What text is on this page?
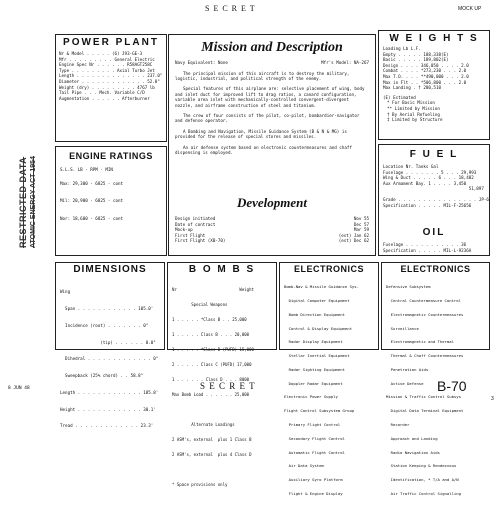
S E C R E T	MOCK UP
POWER PLANT
Nr & Model . . . . . (6) J93-GE-3
Mfr . . . . . . . . . General Electric
Engine Spec Nr . . . . . . R58AGT258C
Type . . . . . . . . . Axial Turbo Jet
Length . . . . . . . . . . . . . . 237.0"
Diameter . . . . . . . . . . . . . 52.8"
Weight (dry) . . . . . . . . . 4767 lb
Tail Pipe . . . Mech. Variable C/D
Augmentation . . . . . . Afterburner
ENGINE RATINGS
S.L.S. LB - RPM - MIN
Max: 29,300 - 6825 - cont
Mil: 20,900 - 6825 - cont
Nor: 18,600 - 6825 - cont
RESTRICTED DATA ATOMIC ENERGY ACT 1954
Mission and Description
Navy Equivalent: None	Mfr's Model: NA-267

The principal mission of this aircraft is to destroy the military, logistic, industrial, and political strength of the enemy.

Special features of this airplane are: selective placement of wing, body and inlet duct for improved lift to drag ratios, a canard configuration, variable area inlet with mechanically-controlled convergent-divergent nozzle, and airframe construction of steel and titanium.

The crew of four consists of the pilot, co-pilot, bombardier-navigator and defense operator.

A Bombing and Navigation, Missile Guidance System (B & N & MG) is provided for the release of special stores and missiles.

An air defense system based on electronic countermeasures and chaff dispensing is employed.

Development
Design initiated	Nov 55
Date of contract	Dec 57
Mock-up	Mar 59
First Flight	(est) Jan 62
First Flight (XB-70)	(est) Dec 62
W E I G H T S
Loading Lb L.F.
Empty . . . . . 188,338(E)
Basic . . . . . 189,802(E)
Design . . . . 346,050 . . . . 2.0
Combat . . . . *273,230 . . . 2.0
Max T.O. . . . **490,000 . . . 2.0
Max in Flt . . *506,800 . . . 2.0
Max Landing . † 280,510
(E) Estimated
* For Basic Mission
** Limited by Mission
† By Aerial Refueling
‡ Limited by Structure
F U E L
Location Nr. Tanks Gal
Fuselage . . . . . . . 5 . . . 29,993
Wing & Duct . . . . . 6 . . . 18,482
Aux Armament Bay. 1 . . . . 3,450
51,897
Grade . . . . . . . . . . . . . . . . JP-6
Specification . . . . . MIL-F-25656
OIL
Fuselage . . . . . . . . . . . 36
Specification . . . . . MIL-L-9236A
DIMENSIONS

Wing

Span . . . . . . . . . . . . 105.0'

Incidence (root) . . . . . . . 0°

(tip) . . . . . . 0.0°

Dihedral . . . . . . . . . . . . . 0°

Sweepback (25% chord) . . 58.8°

Length . . . . . . . . . . . . . 185.8'

Height . . . . . . . . . . . . . 30.1'

Tread . . . . . . . . . . . . . 23.3'

B O M B S

Nr                          Weight

Special Weapons

1 . . . . . *Class B . . 25,000

1 . . . . . Class B . . . 20,000

1 . . . . . *Class B (PUFD) 15,000

2 . . . . . Class C (PUFD) 17,000

1 . . . . . . Class D . . . 8000

Max Bomb Load . . . . . . 25,000

Alternate Loadings

2 ASM's, external  plus 1 Class B

2 ASM's, external  plus 4 Class D

* Space provisions only

ELECTRONICS

Bomb-Nav & Missile Guidance Sys.

Digital Computer Equipment

Bomb Direction Equipment

Control & Display Equipment

Radar Display Equipment

Stellar Inertial Equipment

Radar Sighting Equipment

Doppler Radar Equipment

Electronic Power Supply

Flight Control Subsystem Group

Primary Flight Control

Secondary Flight Control

Automatic Flight Control

Air Data System

Auxiliary Gyro Platform

Flight & Engine Display

ELECTRONICS

Defensive Subsystem

Central Countermeasure Control

Electromagnetic Countermeasures

Surveillance

Electromagnetic and Thermal

Thermal & Chaff Countermeasures

Penetration Aids

Active Defense

Mission & Traffic Control Subsys

Digital Data Terminal Equipment

Recorder

Approach and Landing

Radio Navigation Aids

Station Keeping & Rendezvous

Identification, * T/A and A/N

Air Traffic Control Signalling

8 JUN 48	S E C R E T	B-70
3
